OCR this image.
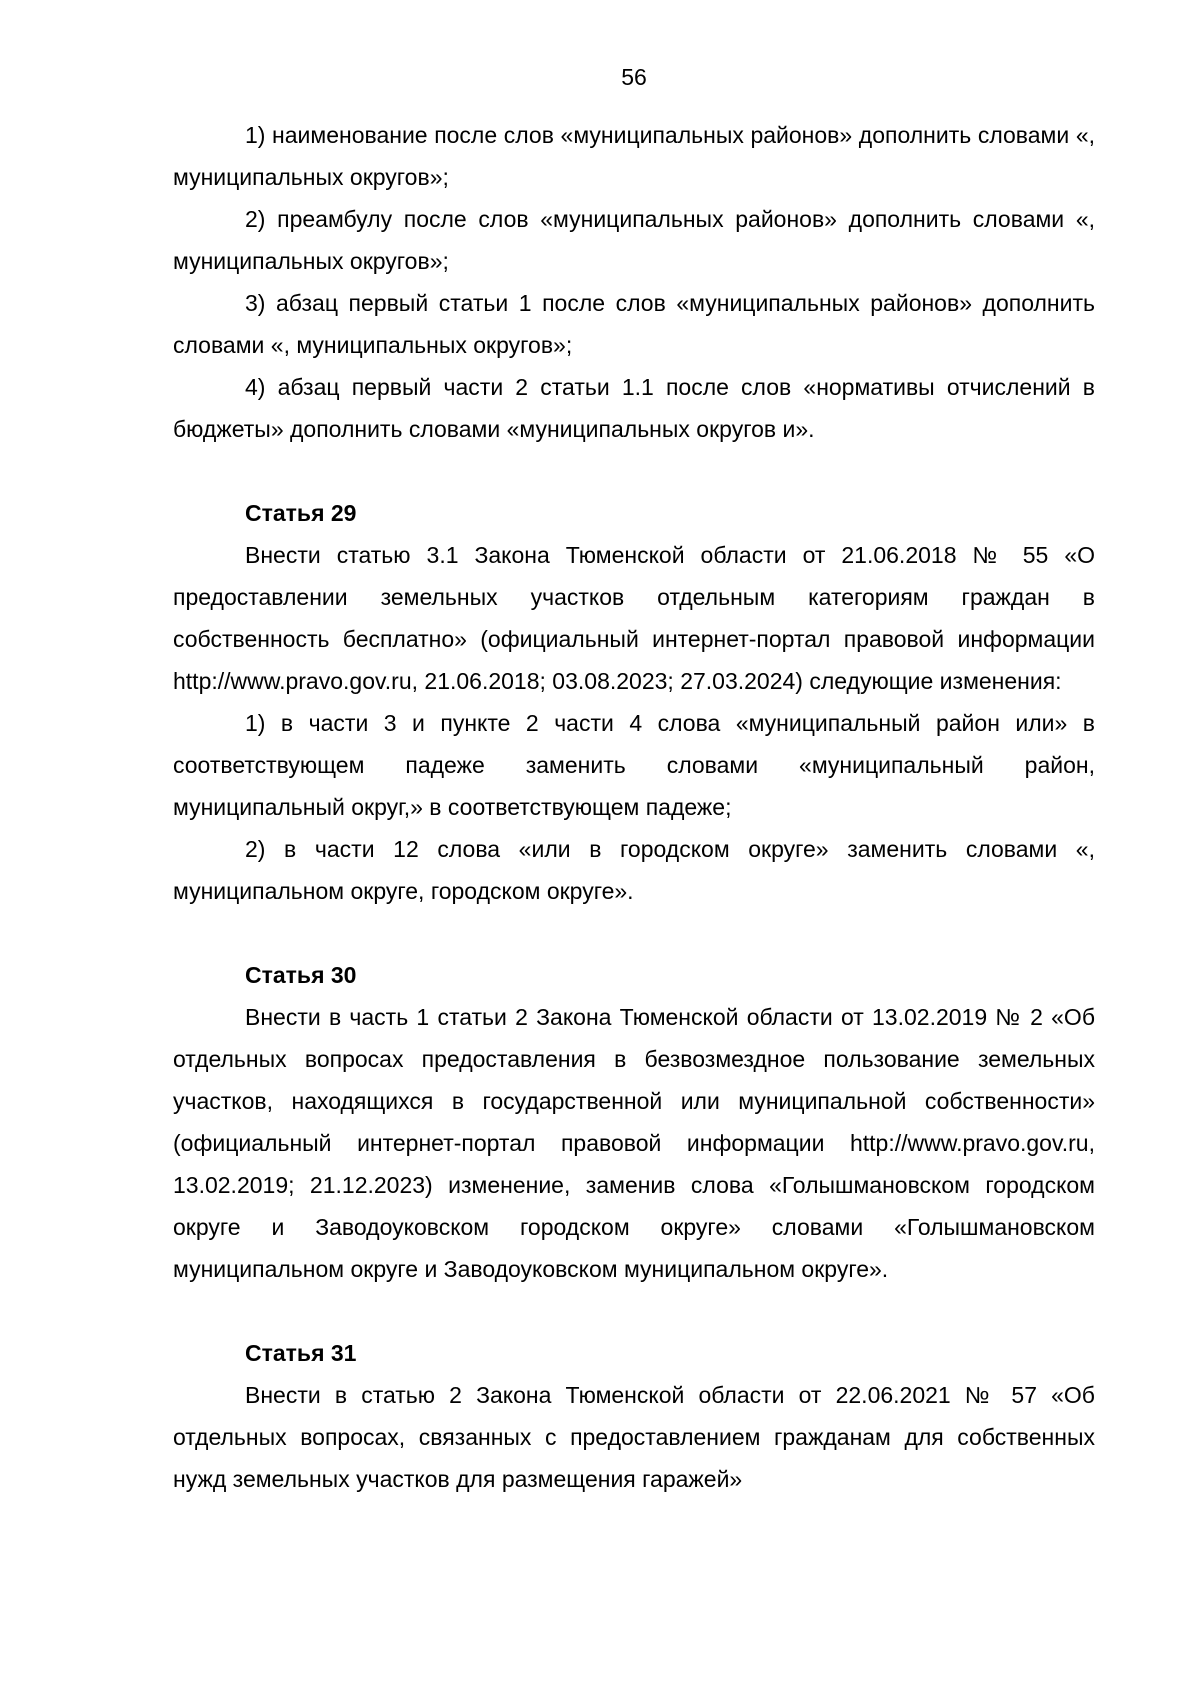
56

1) наименование после слов «муниципальных районов» дополнить словами «, муниципальных округов»;

2) преамбулу после слов «муниципальных районов» дополнить словами «, муниципальных округов»;

3) абзац первый статьи 1 после слов «муниципальных районов» дополнить словами «, муниципальных округов»;

4) абзац первый части 2 статьи 1.1 после слов «нормативы отчислений в бюджеты» дополнить словами «муниципальных округов и».

Статья 29

Внести статью 3.1 Закона Тюменской области от 21.06.2018 № 55 «О предоставлении земельных участков отдельным категориям граждан в собственность бесплатно» (официальный интернет-портал правовой информации http://www.pravo.gov.ru, 21.06.2018; 03.08.2023; 27.03.2024) следующие изменения:

1) в части 3 и пункте 2 части 4 слова «муниципальный район или» в соответствующем падеже заменить словами «муниципальный район, муниципальный округ,» в соответствующем падеже;

2) в части 12 слова «или в городском округе» заменить словами «, муниципальном округе, городском округе».

Статья 30

Внести в часть 1 статьи 2 Закона Тюменской области от 13.02.2019 № 2 «Об отдельных вопросах предоставления в безвозмездное пользование земельных участков, находящихся в государственной или муниципальной собственности» (официальный интернет-портал правовой информации http://www.pravo.gov.ru, 13.02.2019; 21.12.2023) изменение, заменив слова «Голышмановском городском округе и Заводоуковском городском округе» словами «Голышмановском муниципальном округе и Заводоуковском муниципальном округе».

Статья 31

Внести в статью 2 Закона Тюменской области от 22.06.2021 № 57 «Об отдельных вопросах, связанных с предоставлением гражданам для собственных нужд земельных участков для размещения гаражей»
